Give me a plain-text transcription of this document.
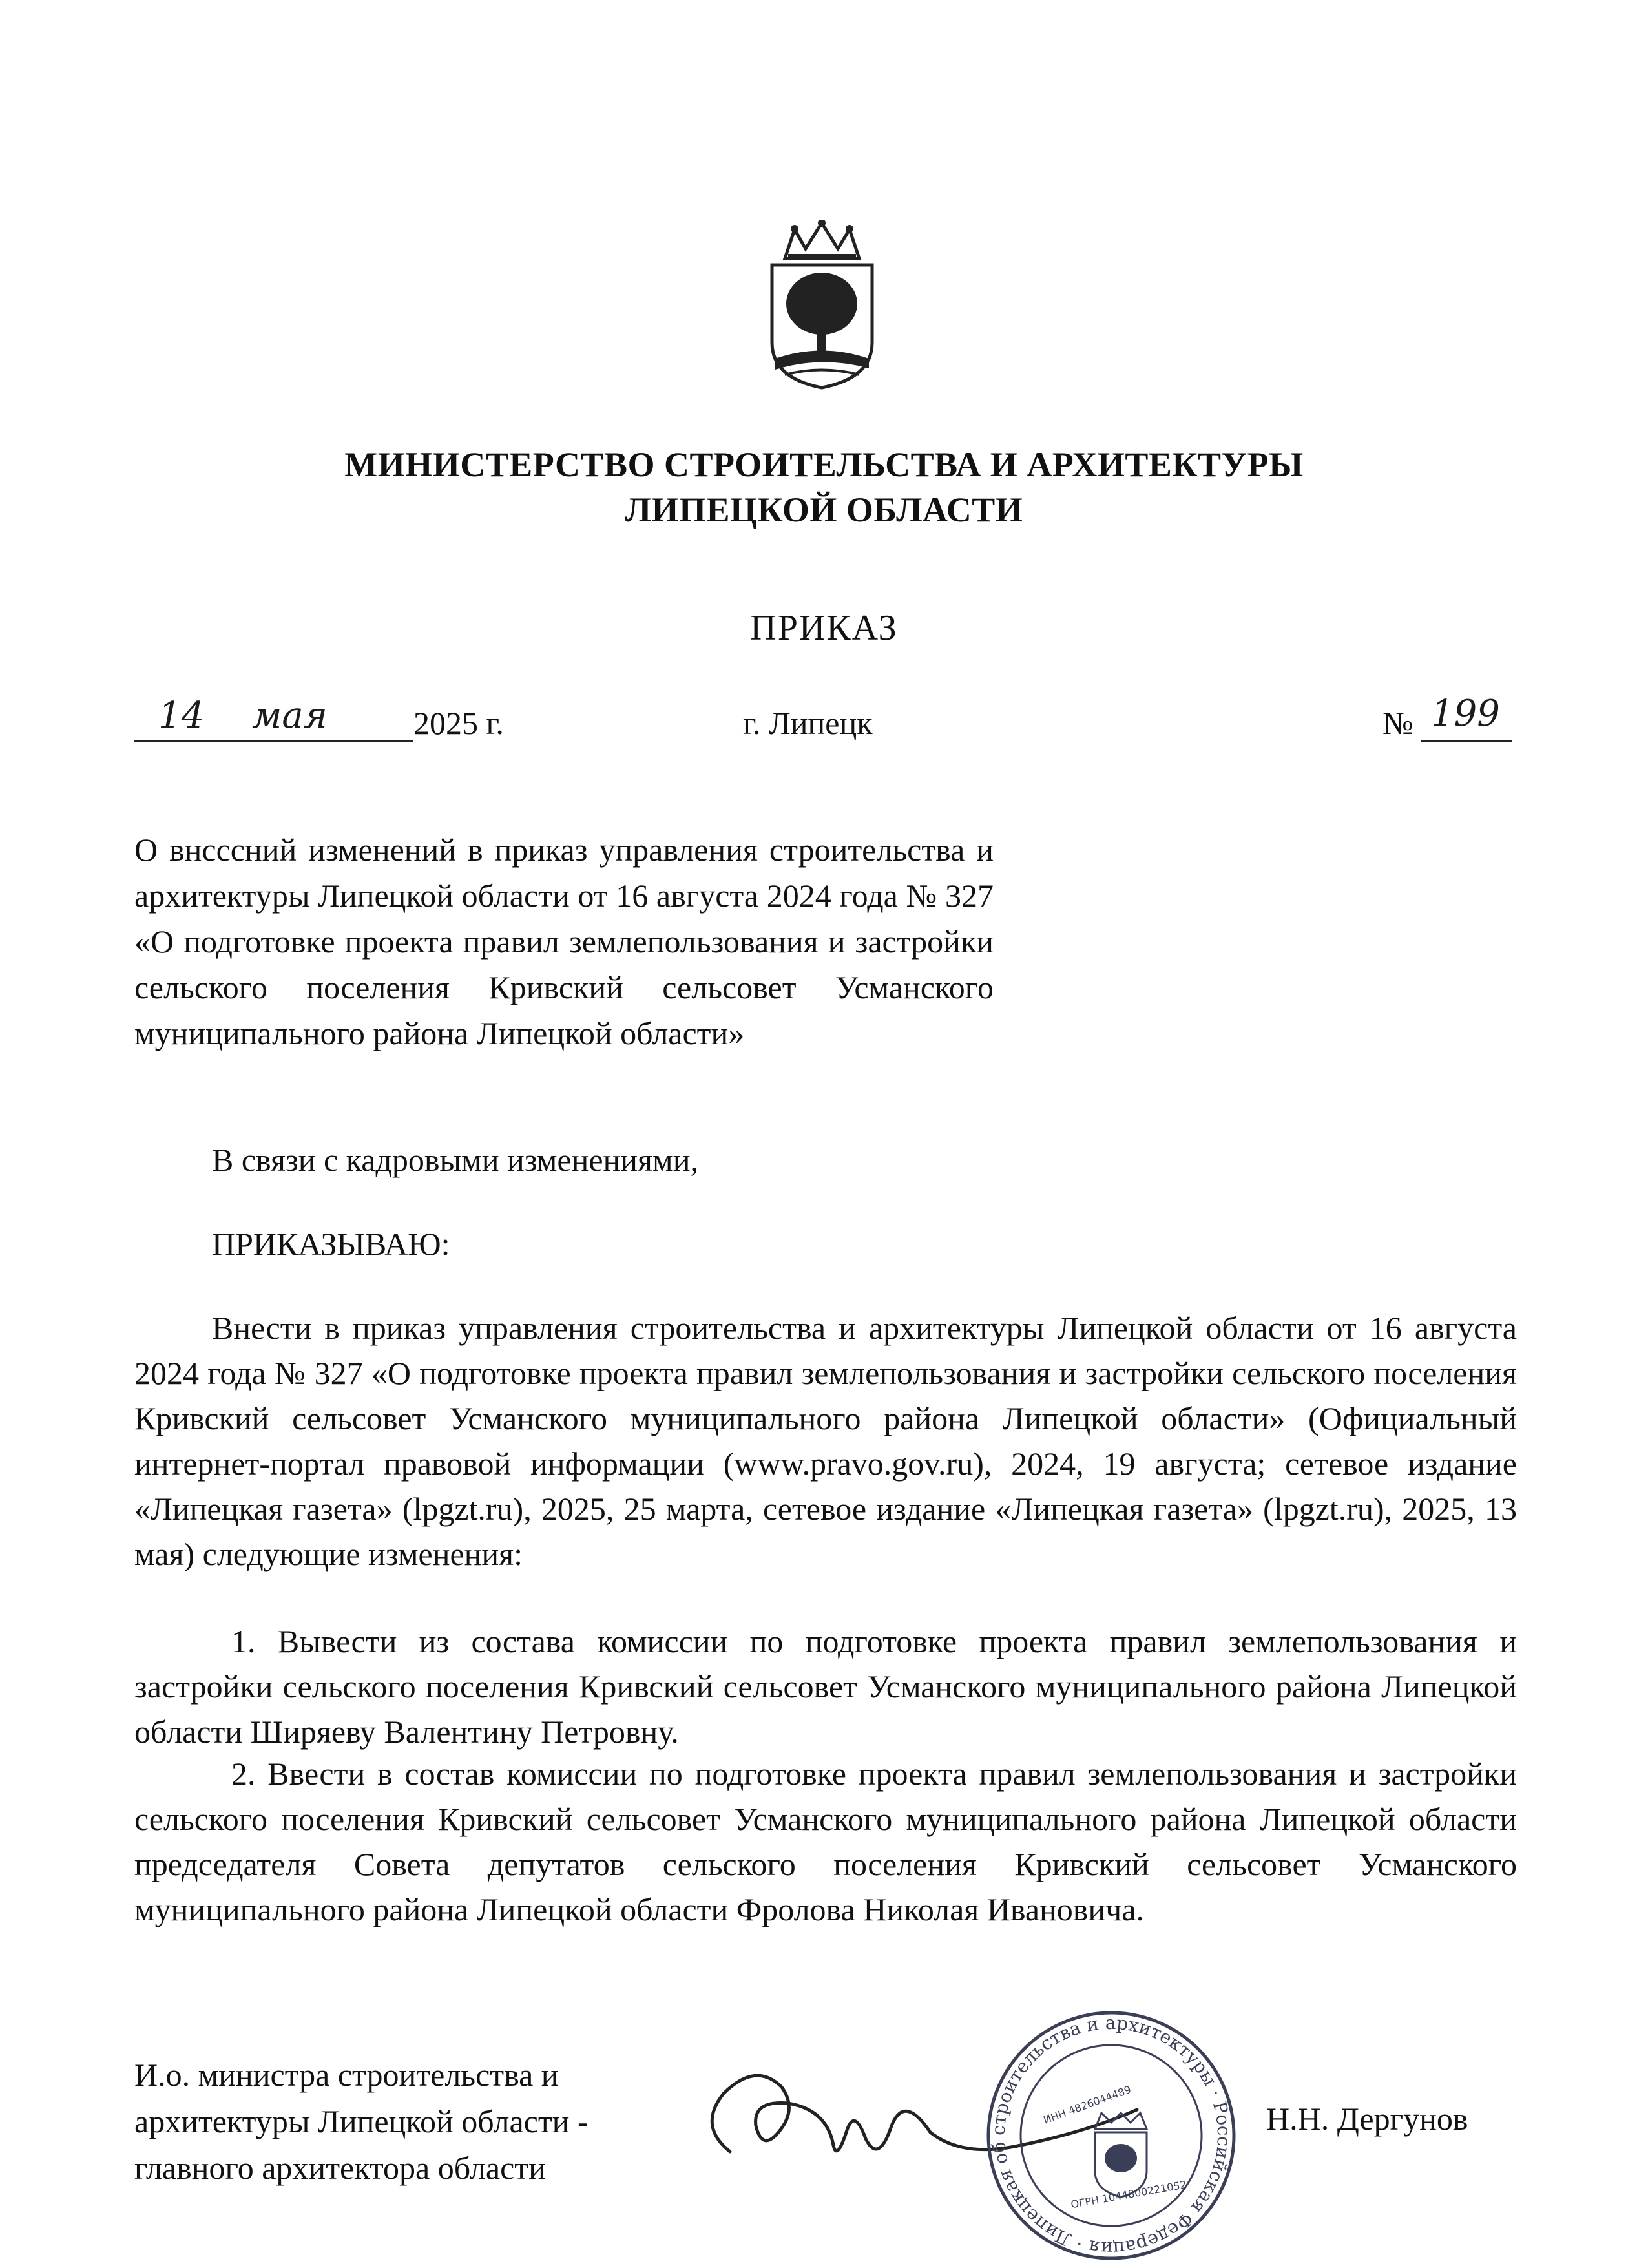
МИНИСТЕРСТВО СТРОИТЕЛЬСТВА И АРХИТЕКТУРЫ
ЛИПЕЦКОЙ ОБЛАСТИ
ПРИКАЗ
14 мая	2025 г.	г. Липецк	№ 199
О внсссний изменений в приказ управления строительства и архитектуры Липецкой области от 16 августа 2024 года № 327 «О подготовке проекта правил землепользования и застройки сельского поселения Кривский сельсовет Усманского муниципального района Липецкой области»
В связи с кадровыми изменениями,
ПРИКАЗЫВАЮ:
Внести в приказ управления строительства и архитектуры Липецкой области от 16 августа 2024 года № 327 «О подготовке проекта правил землепользования и застройки сельского поселения Кривский сельсовет Усманского муниципального района Липецкой области» (Официальный интернет-портал правовой информации (www.pravo.gov.ru), 2024, 19 августа; сетевое издание «Липецкая газета» (lpgzt.ru), 2025, 25 марта, сетевое издание «Липецкая газета» (lpgzt.ru), 2025, 13 мая) следующие изменения:
1. Вывести из состава комиссии по подготовке проекта правил землепользования и застройки сельского поселения Кривский сельсовет Усманского муниципального района Липецкой области Ширяеву Валентину Петровну.
2. Ввести в состав комиссии по подготовке проекта правил землепользования и застройки сельского поселения Кривский сельсовет Усманского муниципального района Липецкой области председателя Совета депутатов сельского поселения Кривский сельсовет Усманского муниципального района Липецкой области Фролова Николая Ивановича.
И.о. министра строительства и
архитектуры Липецкой области -
главного архитектора области
строительства и архитектуры · Российская Федерация · Липецкая об
ИНН 4826044489
ОГРН 1044800221052
Н.Н. Дергунов
